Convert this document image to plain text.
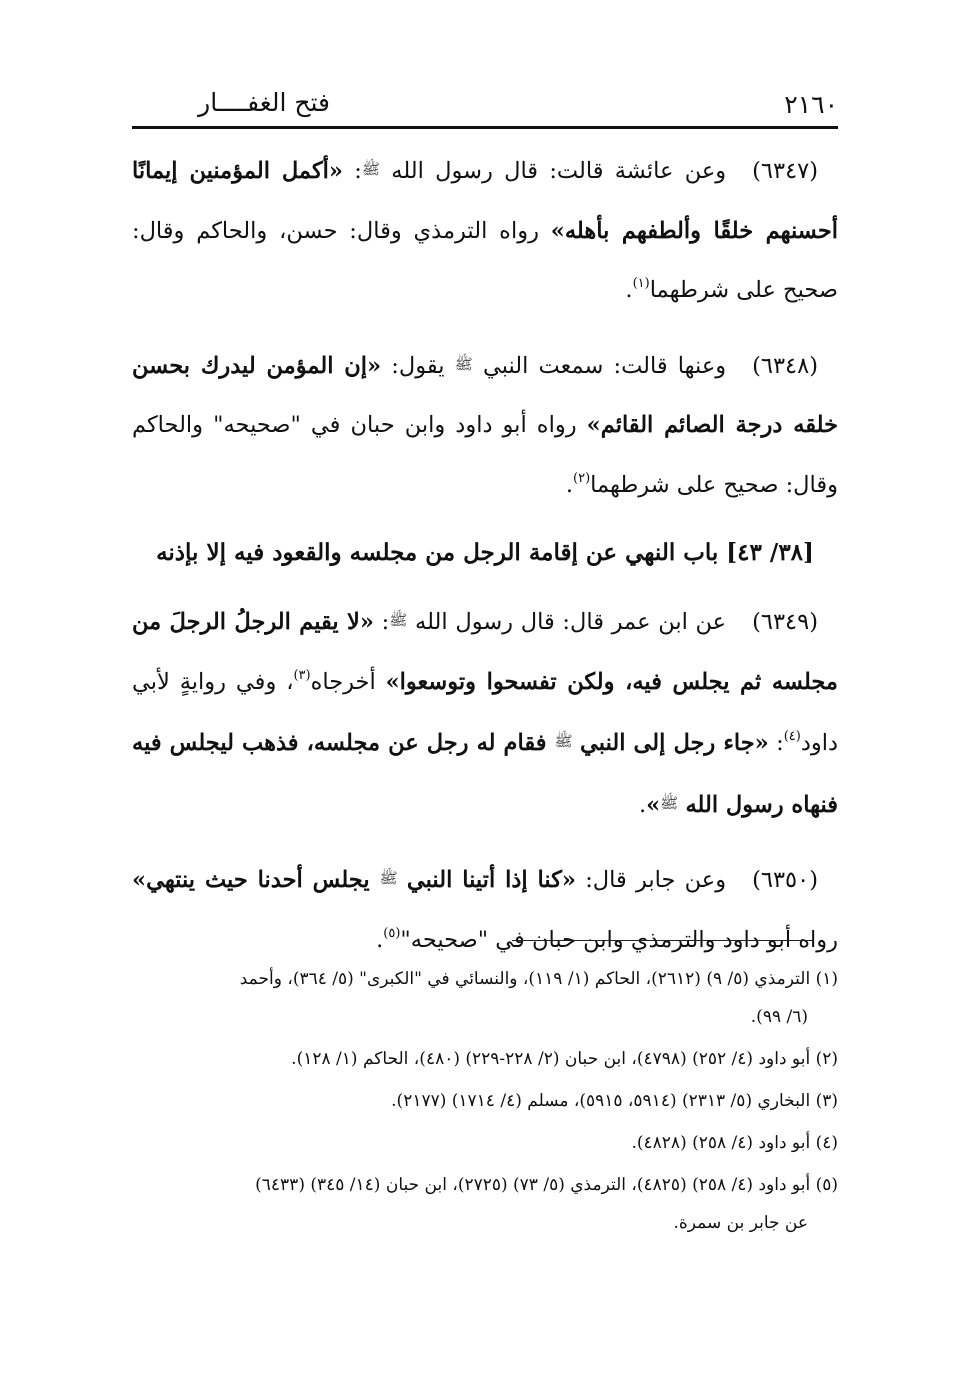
٢١٦٠
فتح الغفــــار

(٦٣٤٧)وعن عائشة قالت: قال رسول الله ﷺ: «أكمل المؤمنين إيمانًا أحسنهم خلقًا وألطفهم بأهله» رواه الترمذي وقال: حسن، والحاكم وقال: صحيح على شرطهما$^{(١)}$.

(٦٣٤٨)وعنها قالت: سمعت النبي ﷺ يقول: «إن المؤمن ليدرك بحسن خلقه درجة الصائم القائم» رواه أبو داود وابن حبان في "صحيحه" والحاكم وقال: صحيح على شرطهما$^{(٢)}$.

[٣٨/ ٤٣] باب النهي عن إقامة الرجل من مجلسه والقعود فيه إلا بإذنه

(٦٣٤٩)عن ابن عمر قال: قال رسول الله ﷺ: «لا يقيم الرجلُ الرجلَ من مجلسه ثم يجلس فيه، ولكن تفسحوا وتوسعوا» أخرجاه$^{(٣)}$، وفي روايةٍ لأبي داود$^{(٤)}$: «جاء رجل إلى النبي ﷺ فقام له رجل عن مجلسه، فذهب ليجلس فيه فنهاه رسول الله ﷺ».

(٦٣٥٠)وعن جابر قال: «كنا إذا أتينا النبي ﷺ يجلس أحدنا حيث ينتهي» رواه أبو داود والترمذي وابن حبان في "صحيحه"$^{(٥)}$.

(١) الترمذي (٥/ ٩) (٢٦١٢)، الحاكم (١/ ١١٩)، والنسائي في "الكبرى" (٥/ ٣٦٤)، وأحمد
(٦/ ٩٩).
(٢) أبو داود (٤/ ٢٥٢) (٤٧٩٨)، ابن حبان (٢/ ٢٢٨-٢٢٩) (٤٨٠)، الحاكم (١/ ١٢٨).
(٣) البخاري (٥/ ٢٣١٣) (٥٩١٤، ٥٩١٥)، مسلم (٤/ ١٧١٤) (٢١٧٧).
(٤) أبو داود (٤/ ٢٥٨) (٤٨٢٨).
(٥) أبو داود (٤/ ٢٥٨) (٤٨٢٥)، الترمذي (٥/ ٧٣) (٢٧٢٥)، ابن حبان (١٤/ ٣٤٥) (٦٤٣٣)
عن جابر بن سمرة.
